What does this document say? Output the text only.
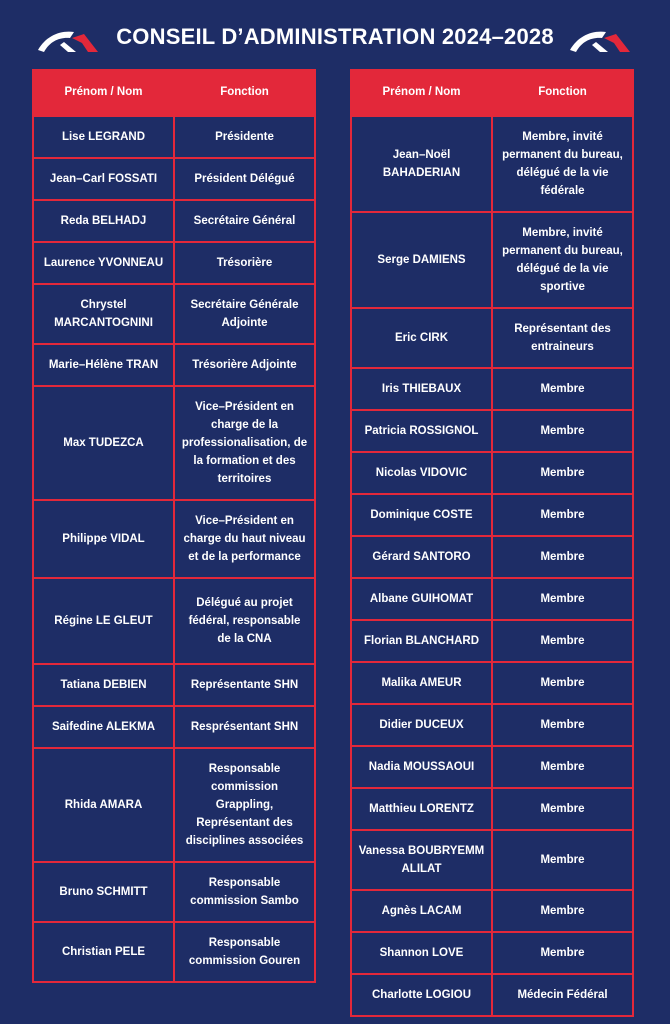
CONSEIL D’ADMINISTRATION 2024–2028
Prénom / Nom	Fonction
Lise LEGRAND	Présidente
Jean–Carl FOSSATI	Président Délégué
Reda BELHADJ	Secrétaire Général
Laurence YVONNEAU	Trésorière
Chrystel MARCANTOGNINI	Secrétaire Générale Adjointe
Marie–Hélène TRAN	Trésorière Adjointe
Max TUDEZCA	Vice–Président en charge de la professionalisation, de la formation et des territoires
Philippe VIDAL	Vice–Président en charge du haut niveau et de la performance
Régine LE GLEUT	Délégué au projet fédéral, responsable de la CNA
Tatiana DEBIEN	Représentante SHN
Saifedine ALEKMA	Resprésentant SHN
Rhida AMARA	Responsable commission Grappling, Représentant des disciplines associées
Bruno SCHMITT	Responsable commission Sambo
Christian PELE	Responsable commission Gouren
Prénom / Nom	Fonction
Jean–Noël BAHADERIAN	Membre, invité permanent du bureau, délégué de la vie fédérale
Serge DAMIENS	Membre, invité permanent du bureau, délégué de la vie sportive
Eric CIRK	Représentant des entraineurs
Iris THIEBAUX	Membre
Patricia ROSSIGNOL	Membre
Nicolas VIDOVIC	Membre
Dominique COSTE	Membre
Gérard SANTORO	Membre
Albane GUIHOMAT	Membre
Florian BLANCHARD	Membre
Malika AMEUR	Membre
Didier DUCEUX	Membre
Nadia MOUSSAOUI	Membre
Matthieu LORENTZ	Membre
Vanessa BOUBRYEMM ALILAT	Membre
Agnès LACAM	Membre
Shannon LOVE	Membre
Charlotte LOGIOU	Médecin Fédéral
